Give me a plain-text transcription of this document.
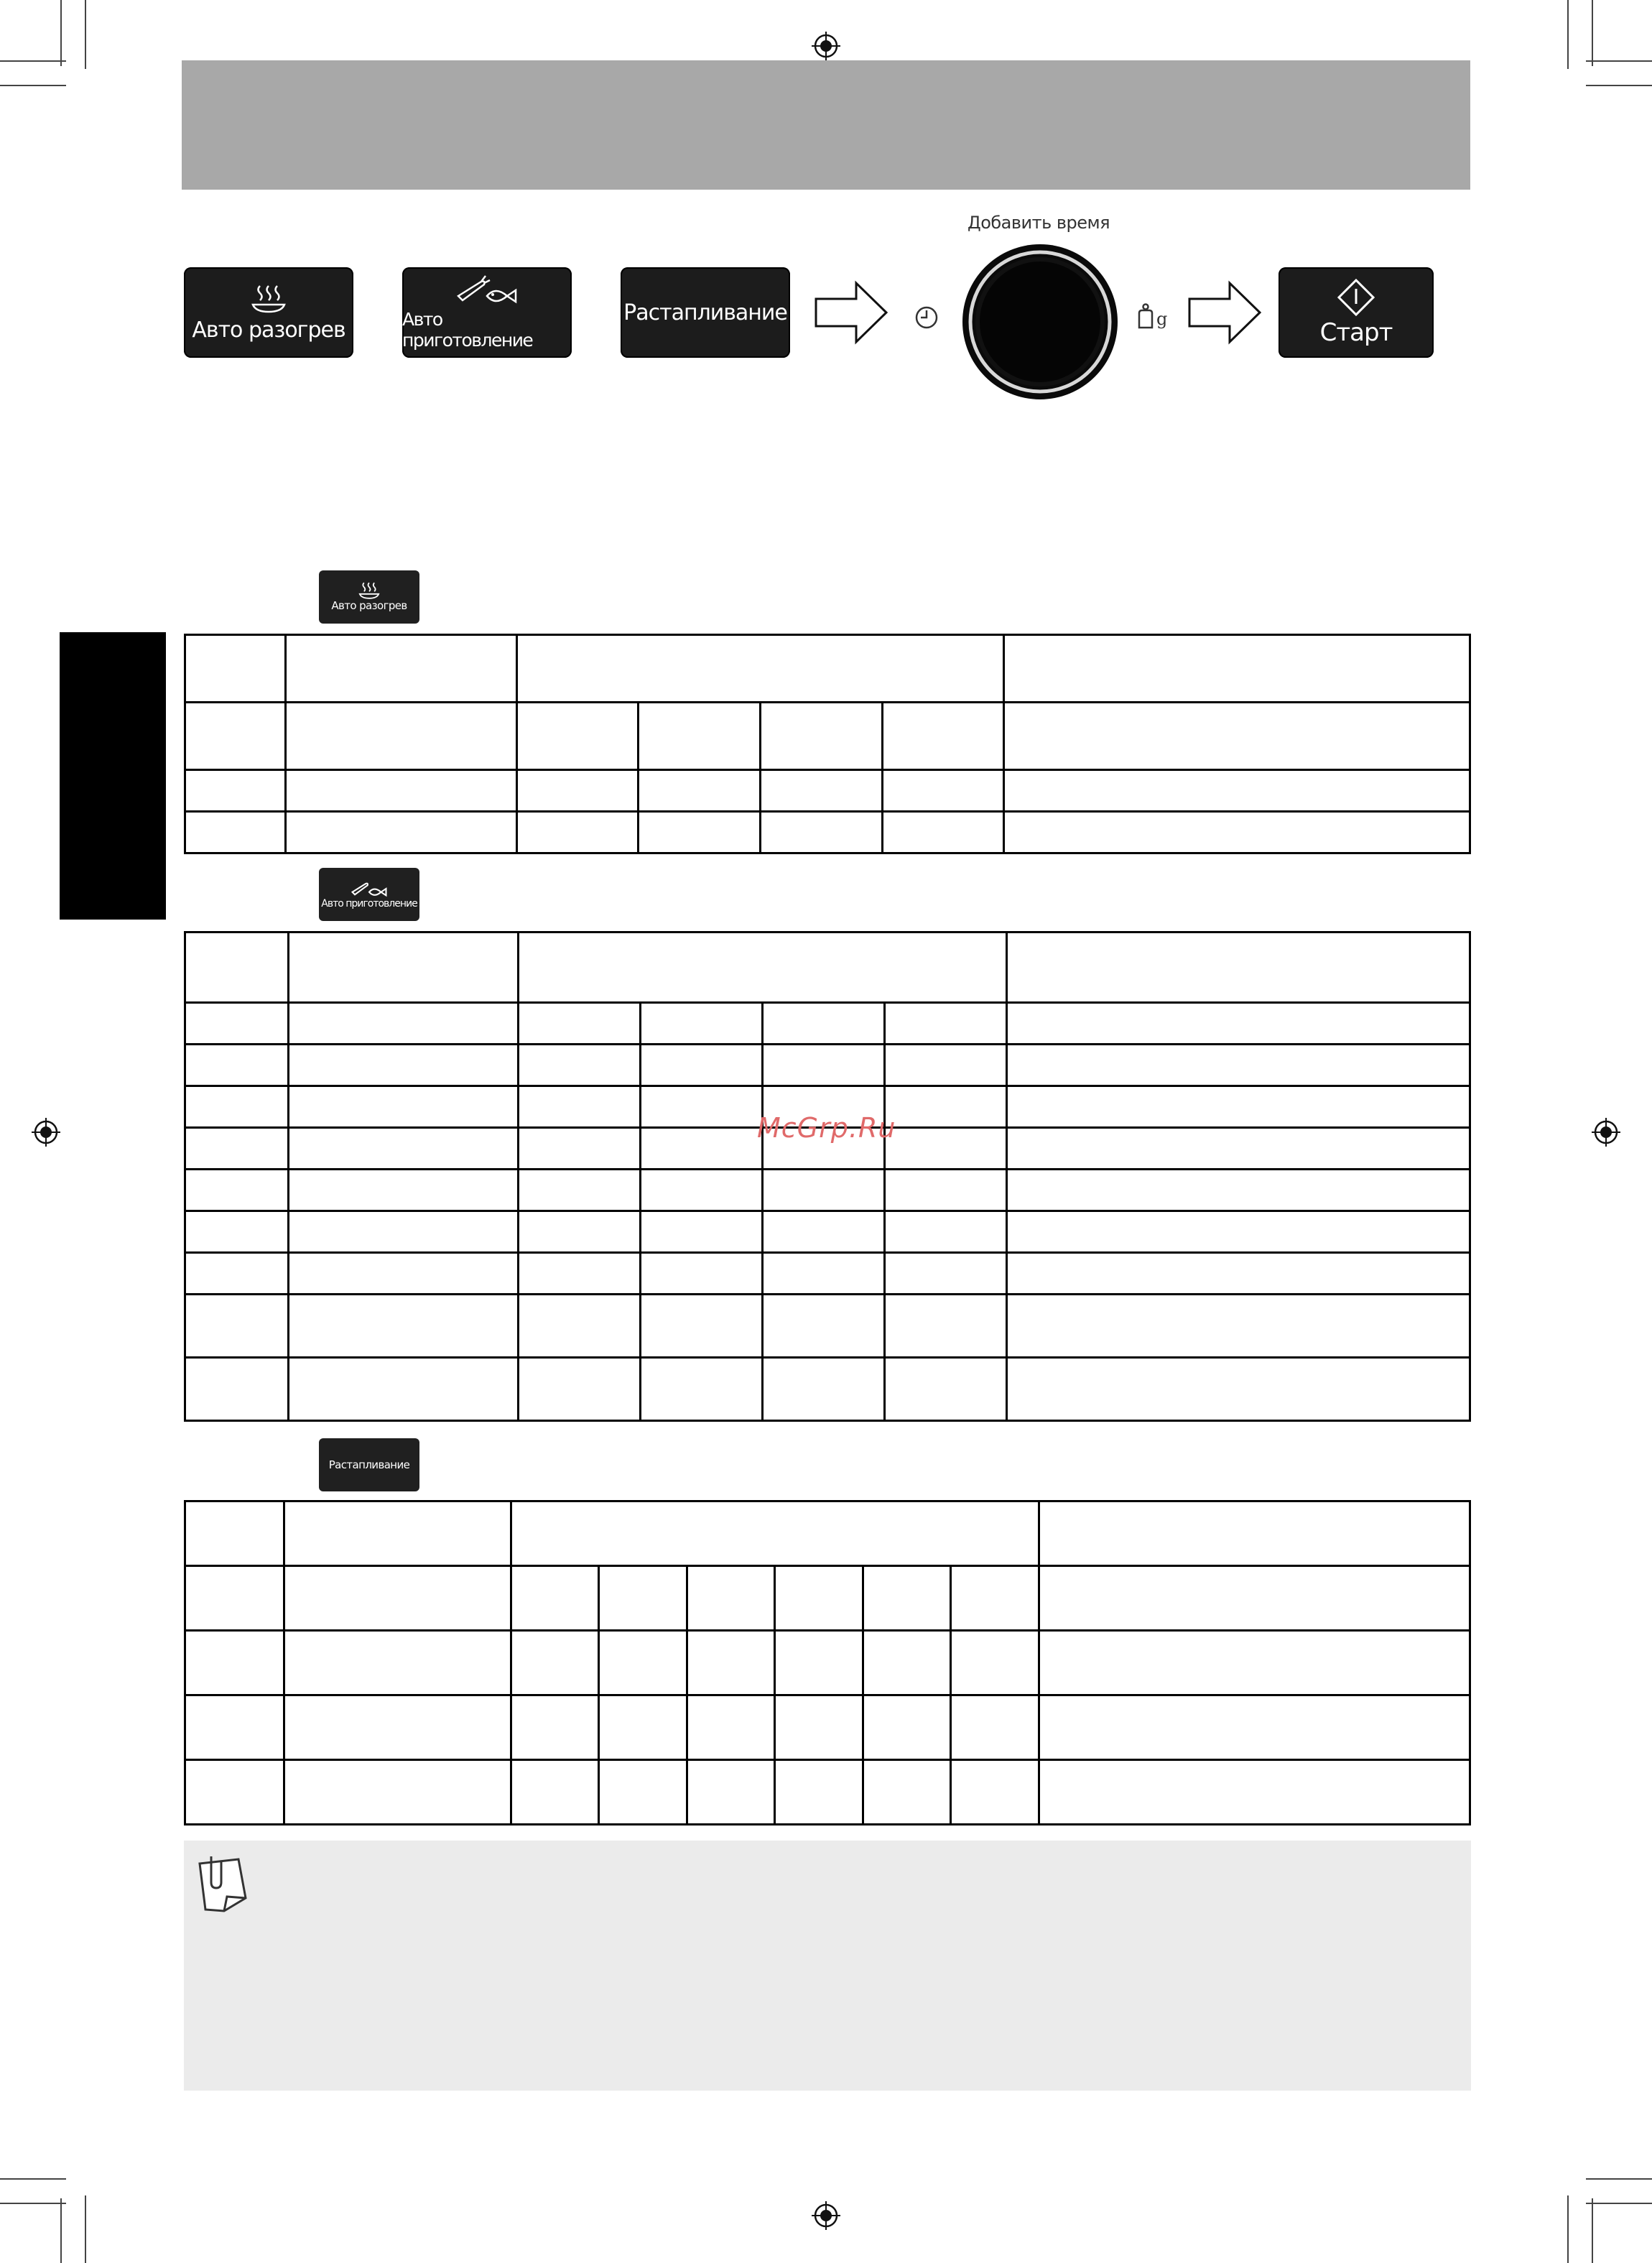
Авто разогрев	Авто приготовление
Растапливание
Добавить время
g	Старт
Авто разогрев

Авто приготовление

McGrp.Ru
Растапливание
